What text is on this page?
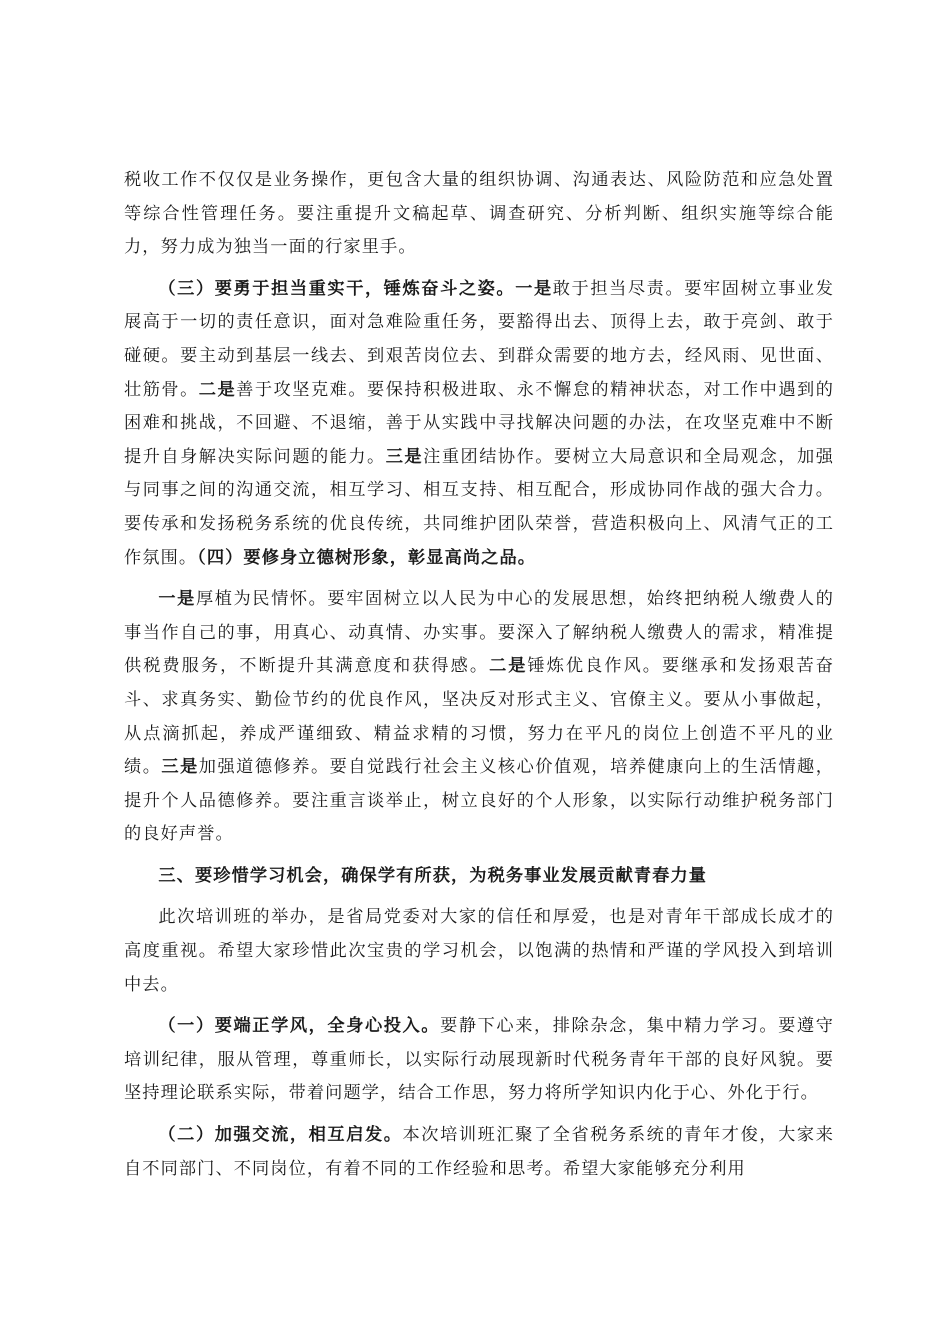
税收工作不仅仅是业务操作，更包含大量的组织协调、沟通表达、风险防范和应急处置等综合性管理任务。要注重提升文稿起草、调查研究、分析判断、组织实施等综合能力，努力成为独当一面的行家里手。

（三）要勇于担当重实干，锤炼奋斗之姿。一是敢于担当尽责。要牢固树立事业发展高于一切的责任意识，面对急难险重任务，要豁得出去、顶得上去，敢于亮剑、敢于碰硬。要主动到基层一线去、到艰苦岗位去、到群众需要的地方去，经风雨、见世面、壮筋骨。二是善于攻坚克难。要保持积极进取、永不懈怠的精神状态，对工作中遇到的困难和挑战，不回避、不退缩，善于从实践中寻找解决问题的办法，在攻坚克难中不断提升自身解决实际问题的能力。三是注重团结协作。要树立大局意识和全局观念，加强与同事之间的沟通交流，相互学习、相互支持、相互配合，形成协同作战的强大合力。要传承和发扬税务系统的优良传统，共同维护团队荣誉，营造积极向上、风清气正的工作氛围。（四）要修身立德树形象，彰显高尚之品。

一是厚植为民情怀。要牢固树立以人民为中心的发展思想，始终把纳税人缴费人的事当作自己的事，用真心、动真情、办实事。要深入了解纳税人缴费人的需求，精准提供税费服务，不断提升其满意度和获得感。二是锤炼优良作风。要继承和发扬艰苦奋斗、求真务实、勤俭节约的优良作风，坚决反对形式主义、官僚主义。要从小事做起，从点滴抓起，养成严谨细致、精益求精的习惯，努力在平凡的岗位上创造不平凡的业绩。三是加强道德修养。要自觉践行社会主义核心价值观，培养健康向上的生活情趣，提升个人品德修养。要注重言谈举止，树立良好的个人形象，以实际行动维护税务部门的良好声誉。

三、要珍惜学习机会，确保学有所获，为税务事业发展贡献青春力量

此次培训班的举办，是省局党委对大家的信任和厚爱，也是对青年干部成长成才的高度重视。希望大家珍惜此次宝贵的学习机会，以饱满的热情和严谨的学风投入到培训中去。

（一）要端正学风，全身心投入。要静下心来，排除杂念，集中精力学习。要遵守培训纪律，服从管理，尊重师长，以实际行动展现新时代税务青年干部的良好风貌。要坚持理论联系实际，带着问题学，结合工作思，努力将所学知识内化于心、外化于行。

（二）加强交流，相互启发。本次培训班汇聚了全省税务系统的青年才俊，大家来自不同部门、不同岗位，有着不同的工作经验和思考。希望大家能够充分利用
